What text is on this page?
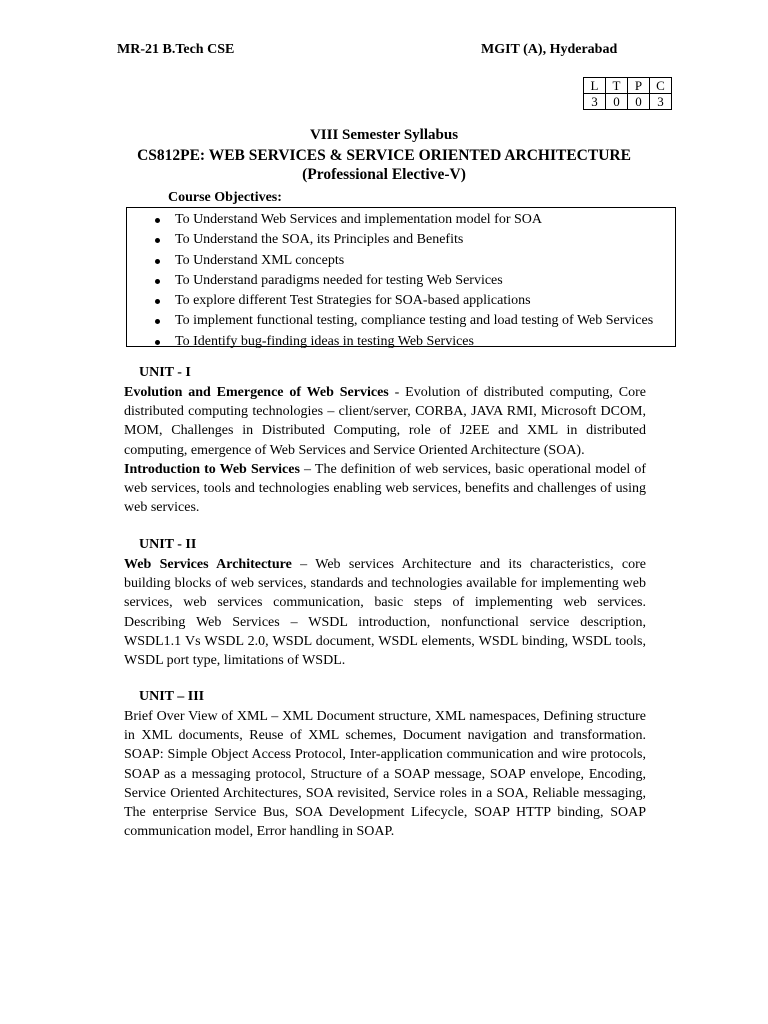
MR-21 B.Tech CSE	MGIT (A), Hyderabad
L	T	P	C
3	0	0	3
VIII Semester Syllabus
CS812PE: WEB SERVICES & SERVICE ORIENTED ARCHITECTURE
(Professional Elective-V)
Course Objectives:
To Understand Web Services and implementation model for SOA
To Understand the SOA, its Principles and Benefits
To Understand XML concepts
To Understand paradigms needed for testing Web Services
To explore different Test Strategies for SOA-based applications
To implement functional testing, compliance testing and load testing of Web Services
To Identify bug-finding ideas in testing Web Services
UNIT - I
Evolution and Emergence of Web Services - Evolution of distributed computing, Core distributed computing technologies – client/server, CORBA, JAVA RMI, Microsoft DCOM, MOM, Challenges in Distributed Computing, role of J2EE and XML in distributed computing, emergence of Web Services and Service Oriented Architecture (SOA).
Introduction to Web Services – The definition of web services, basic operational model of web services, tools and technologies enabling web services, benefits and challenges of using web services.
UNIT - II
Web Services Architecture – Web services Architecture and its characteristics, core building blocks of web services, standards and technologies available for implementing web services, web services communication, basic steps of implementing web services. Describing Web Services – WSDL introduction, nonfunctional service description, WSDL1.1 Vs WSDL 2.0, WSDL document, WSDL elements, WSDL binding, WSDL tools, WSDL port type, limitations of WSDL.
UNIT – III
Brief Over View of XML – XML Document structure, XML namespaces, Defining structure in XML documents, Reuse of XML schemes, Document navigation and transformation. SOAP: Simple Object Access Protocol, Inter-application communication and wire protocols, SOAP as a messaging protocol, Structure of a SOAP message, SOAP envelope, Encoding, Service Oriented Architectures, SOA revisited, Service roles in a SOA, Reliable messaging, The enterprise Service Bus, SOA Development Lifecycle, SOAP HTTP binding, SOAP communication model, Error handling in SOAP.
